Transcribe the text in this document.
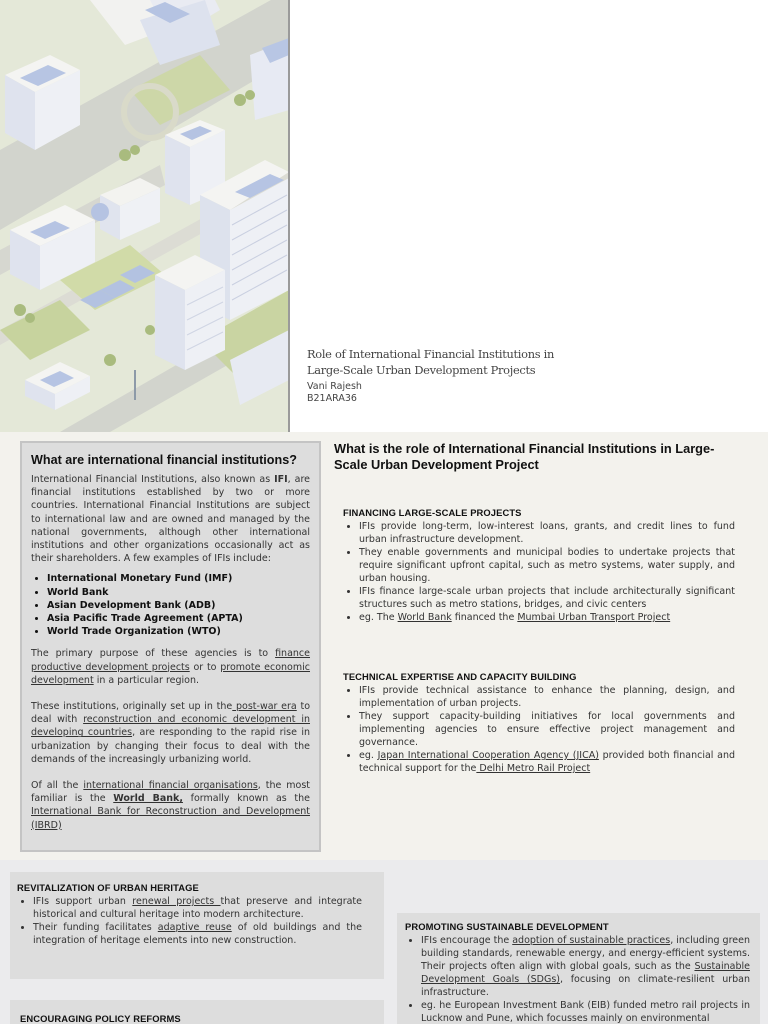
Role of International Financial Institutions in
Large-Scale Urban Development Projects
Vani Rajesh
B21ARA36
What are international financial institutions?

International Financial Institutions, also known as IFI, are financial institutions established by two or more countries. International Financial Institutions are subject to international law and are owned and managed by the national governments, although other international institutions and other organizations occasionally act as their shareholders. A few examples of IFIs include:

• International Monetary Fund (IMF)
• World Bank
• Asian Development Bank (ADB)
• Asia Pacific Trade Agreement (APTA)
• World Trade Organization (WTO)

The primary purpose of these agencies is to finance productive development projects or to promote economic development in a particular region.

These institutions, originally set up in the post-war era to deal with reconstruction and economic development in developing countries, are responding to the rapid rise in urbanization by changing their focus to deal with the demands of the increasingly urbanizing world.

Of all the international financial organisations, the most familiar is the World Bank, formally known as the International Bank for Reconstruction and Development (IBRD)

What is the role of International Financial Institutions in Large-Scale Urban Development Project
FINANCING LARGE-SCALE PROJECTS
• IFIs provide long-term, low-interest loans, grants, and credit lines to fund urban infrastructure development.
• They enable governments and municipal bodies to undertake projects that require significant upfront capital, such as metro systems, water supply, and urban housing.
• IFIs finance large-scale urban projects that include architecturally significant structures such as metro stations, bridges, and civic centers
• eg. The World Bank financed the Mumbai Urban Transport Project
TECHNICAL EXPERTISE AND CAPACITY BUILDING
• IFIs provide technical assistance to enhance the planning, design, and implementation of urban projects.
• They support capacity-building initiatives for local governments and implementing agencies to ensure effective project management and governance.
• eg. Japan International Cooperation Agency (JICA) provided both financial and technical support for the Delhi Metro Rail Project
REVITALIZATION OF URBAN HERITAGE
• IFIs support urban renewal projects that preserve and integrate historical and cultural heritage into modern architecture.
• Their funding facilitates adaptive reuse of old buildings and the integration of heritage elements into new construction.
ENCOURAGING POLICY REFORMS
PROMOTING SUSTAINABLE DEVELOPMENT
• IFIs encourage the adoption of sustainable practices, including green building standards, renewable energy, and energy-efficient systems. Their projects often align with global goals, such as the Sustainable Development Goals (SDGs), focusing on climate-resilient urban infrastructure.
• eg. he European Investment Bank (EIB) funded metro rail projects in Lucknow and Pune, which focusses mainly on environmental
